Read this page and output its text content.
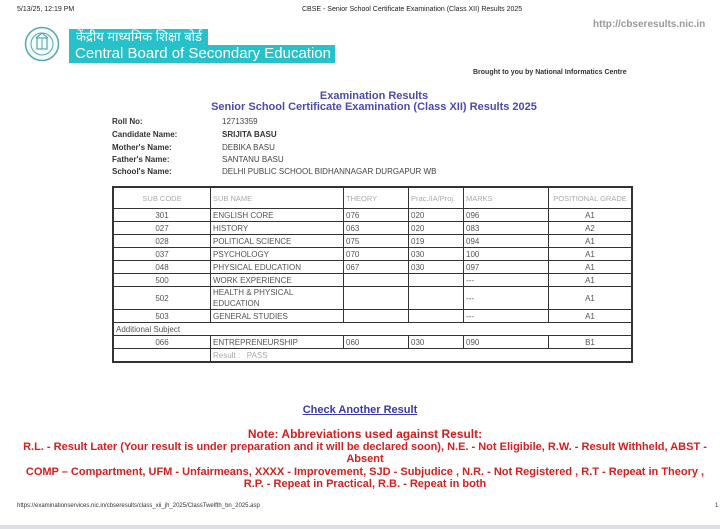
5/13/25, 12:19 PM	CBSE - Senior School Certificate Examination (Class XII) Results 2025
http://cbseresults.nic.in
केंद्रीय माध्यमिक शिक्षा बोर्ड
Central Board of Secondary Education
Brought to you by National Informatics Centre
Examination Results
Senior School Certificate Examination (Class XII) Results 2025
Roll No:	12713359
Candidate Name:	SRIJITA BASU
Mother's Name:	DEBIKA BASU
Father's Name:	SANTANU BASU
School's Name:	DELHI PUBLIC SCHOOL BIDHANNAGAR DURGAPUR WB
SUB CODE	SUB NAME	THEORY	Prac./IA/Proj.	MARKS	POSITIONAL GRADE
301	ENGLISH CORE	076	020	096	A1
027	HISTORY	063	020	083	A2
028	POLITICAL SCIENCE	075	019	094	A1
037	PSYCHOLOGY	070	030	100	A1
048	PHYSICAL EDUCATION	067	030	097	A1
500	WORK EXPERIENCE			---	A1
502	HEALTH & PHYSICAL EDUCATION			---	A1
503	GENERAL STUDIES			---	A1
Additional Subject					
066	ENTREPRENEURSHIP	060	030	090	B1
	Result : PASS				
Check Another Result
Note: Abbreviations used against Result:
R.L. - Result Later (Your result is under preparation and it will be declared soon), N.E. - Not Eligibile, R.W. - Result Withheld, ABST - Absent
COMP – Compartment, UFM - Unfairmeans, XXXX - Improvement, SJD - Subjudice , N.R. - Not Registered , R.T - Repeat in Theory , R.P. - Repeat in Practical, R.B. - Repeat in both
https://examinationservices.nic.in/cbseresults/class_xii_jh_2025/ClassTwelfth_bn_2025.asp	1
